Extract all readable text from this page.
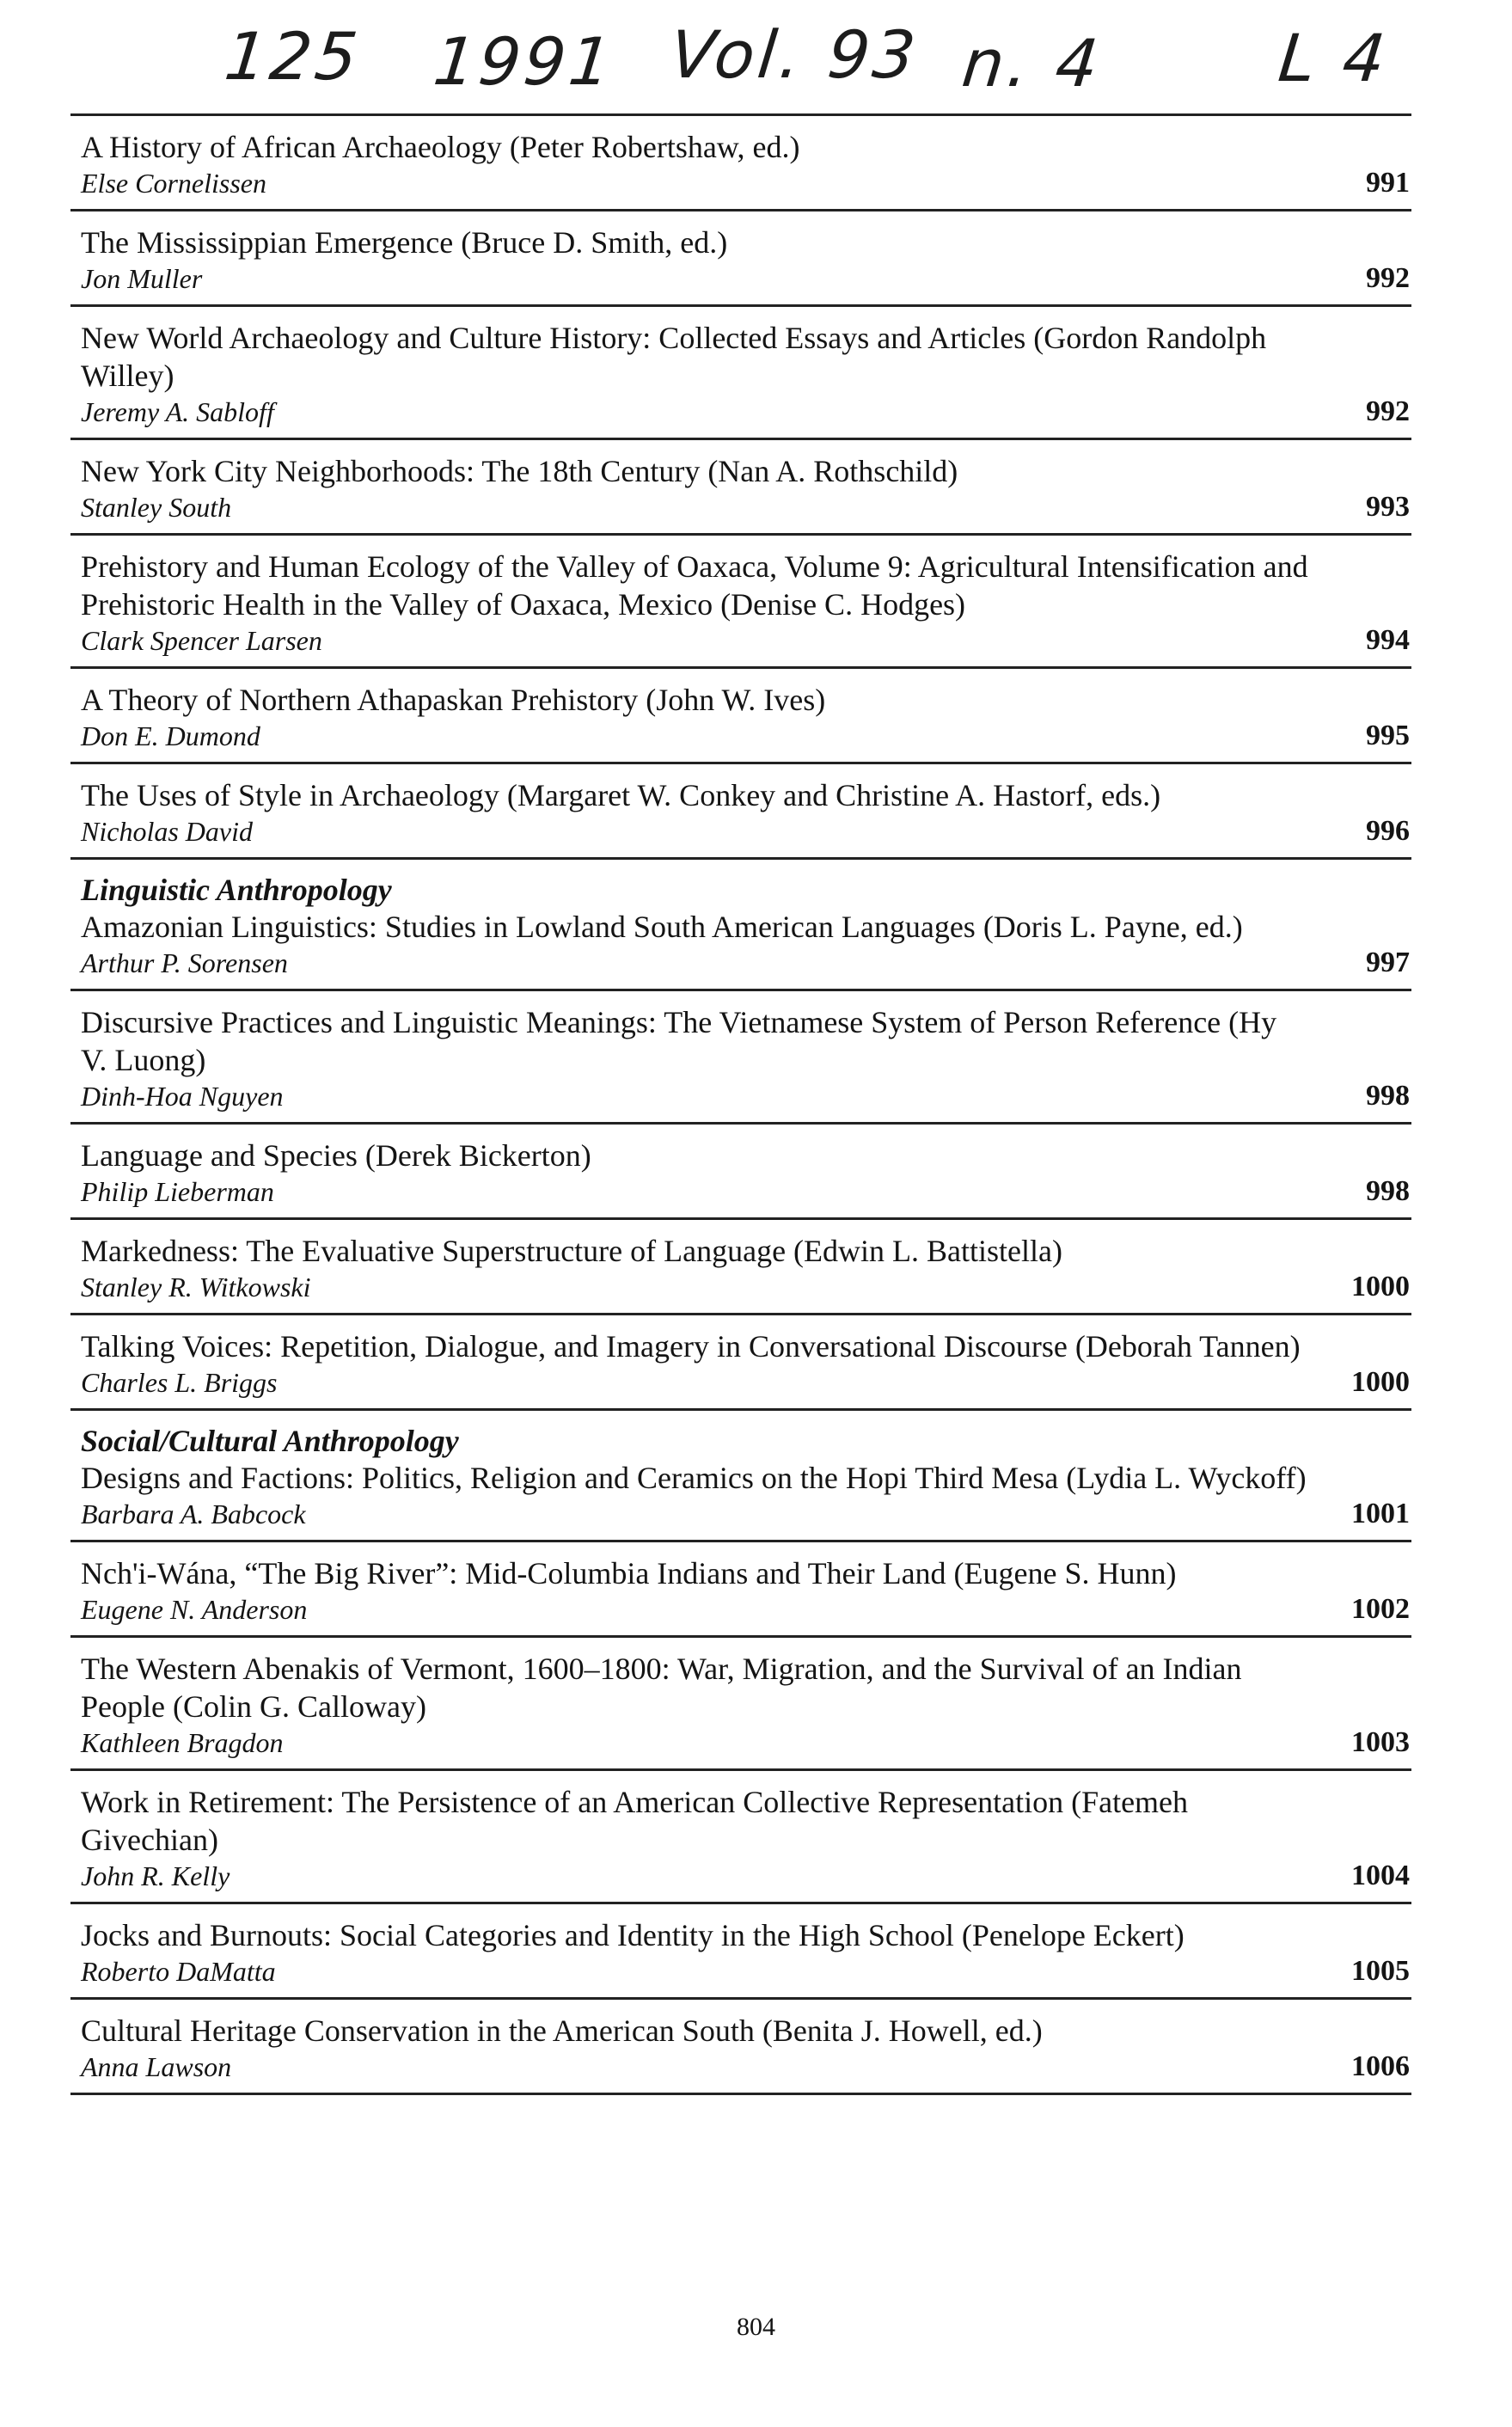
125 1991 Vol. 93 n. 4	L 4
A History of African Archaeology (Peter Robertshaw, ed.)
Else Cornelissen	991
The Mississippian Emergence (Bruce D. Smith, ed.)
Jon Muller	992
New World Archaeology and Culture History: Collected Essays and Articles (Gordon Randolph Willey)
Jeremy A. Sabloff	992
New York City Neighborhoods: The 18th Century (Nan A. Rothschild)
Stanley South	993
Prehistory and Human Ecology of the Valley of Oaxaca, Volume 9: Agricultural Intensification and Prehistoric Health in the Valley of Oaxaca, Mexico (Denise C. Hodges)
Clark Spencer Larsen	994
A Theory of Northern Athapaskan Prehistory (John W. Ives)
Don E. Dumond	995
The Uses of Style in Archaeology (Margaret W. Conkey and Christine A. Hastorf, eds.)
Nicholas David	996
Linguistic Anthropology
Amazonian Linguistics: Studies in Lowland South American Languages (Doris L. Payne, ed.)
Arthur P. Sorensen	997
Discursive Practices and Linguistic Meanings: The Vietnamese System of Person Reference (Hy V. Luong)
Dinh-Hoa Nguyen	998
Language and Species (Derek Bickerton)
Philip Lieberman	998
Markedness: The Evaluative Superstructure of Language (Edwin L. Battistella)
Stanley R. Witkowski	1000
Talking Voices: Repetition, Dialogue, and Imagery in Conversational Discourse (Deborah Tannen)
Charles L. Briggs	1000
Social/Cultural Anthropology
Designs and Factions: Politics, Religion and Ceramics on the Hopi Third Mesa (Lydia L. Wyckoff)
Barbara A. Babcock	1001
Nch'i-Wána, “The Big River”: Mid-Columbia Indians and Their Land (Eugene S. Hunn)
Eugene N. Anderson	1002
The Western Abenakis of Vermont, 1600–1800: War, Migration, and the Survival of an Indian People (Colin G. Calloway)
Kathleen Bragdon	1003
Work in Retirement: The Persistence of an American Collective Representation (Fatemeh Givechian)
John R. Kelly	1004
Jocks and Burnouts: Social Categories and Identity in the High School (Penelope Eckert)
Roberto DaMatta	1005
Cultural Heritage Conservation in the American South (Benita J. Howell, ed.)
Anna Lawson	1006
804
